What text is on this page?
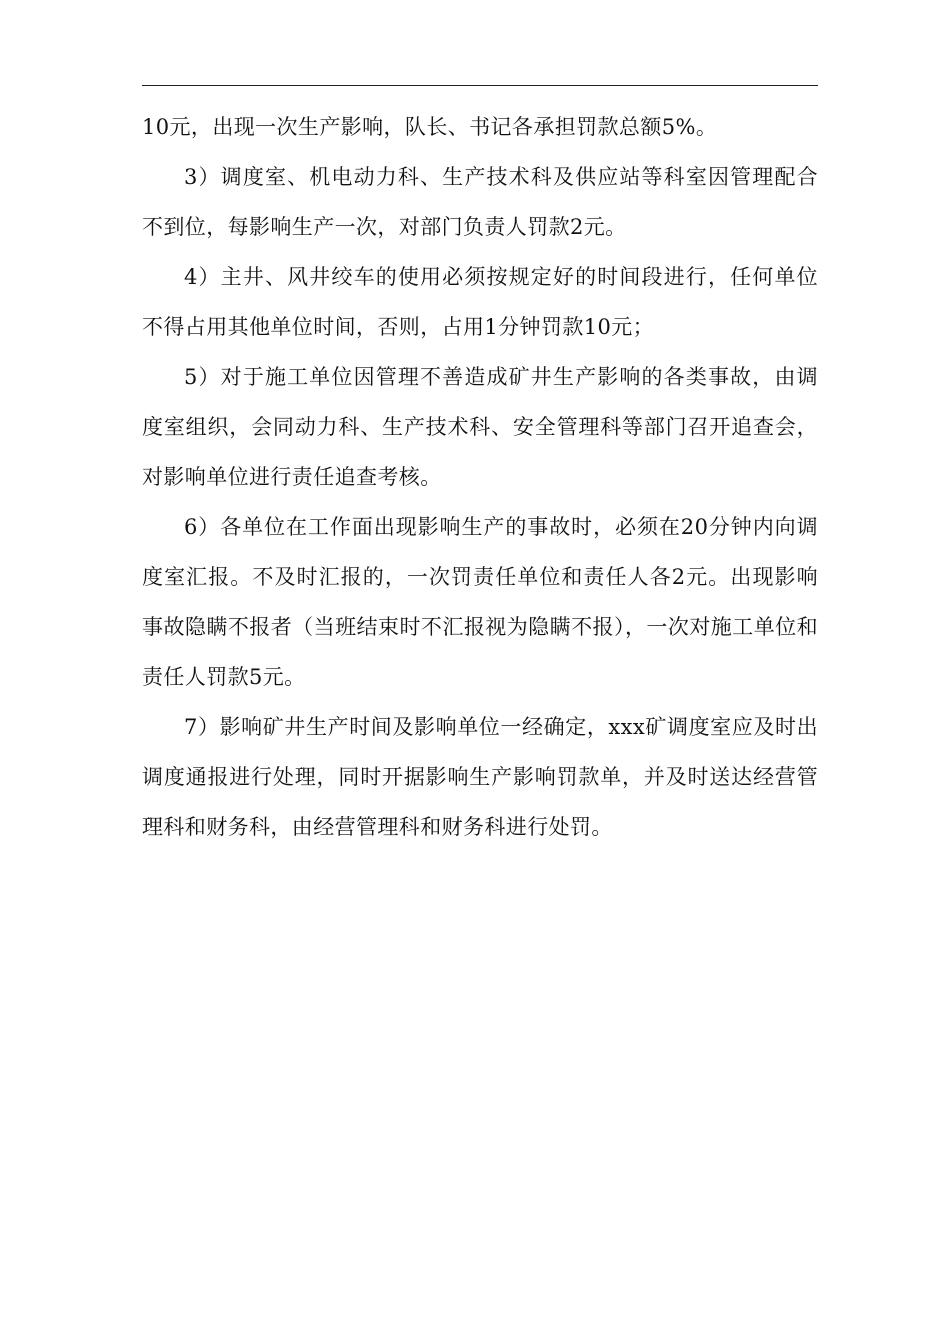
10元，出现一次生产影响，队长、书记各承担罚款总额5%。

3）调度室、机电动力科、生产技术科及供应站等科室因管理配合不到位，每影响生产一次，对部门负责人罚款2元。

4）主井、风井绞车的使用必须按规定好的时间段进行，任何单位不得占用其他单位时间，否则，占用1分钟罚款10元；

5）对于施工单位因管理不善造成矿井生产影响的各类事故，由调度室组织，会同动力科、生产技术科、安全管理科等部门召开追查会，对影响单位进行责任追查考核。

6）各单位在工作面出现影响生产的事故时，必须在20分钟内向调度室汇报。不及时汇报的，一次罚责任单位和责任人各2元。出现影响事故隐瞒不报者（当班结束时不汇报视为隐瞒不报），一次对施工单位和责任人罚款5元。

7）影响矿井生产时间及影响单位一经确定，xxx矿调度室应及时出调度通报进行处理，同时开据影响生产影响罚款单，并及时送达经营管理科和财务科，由经营管理科和财务科进行处罚。
